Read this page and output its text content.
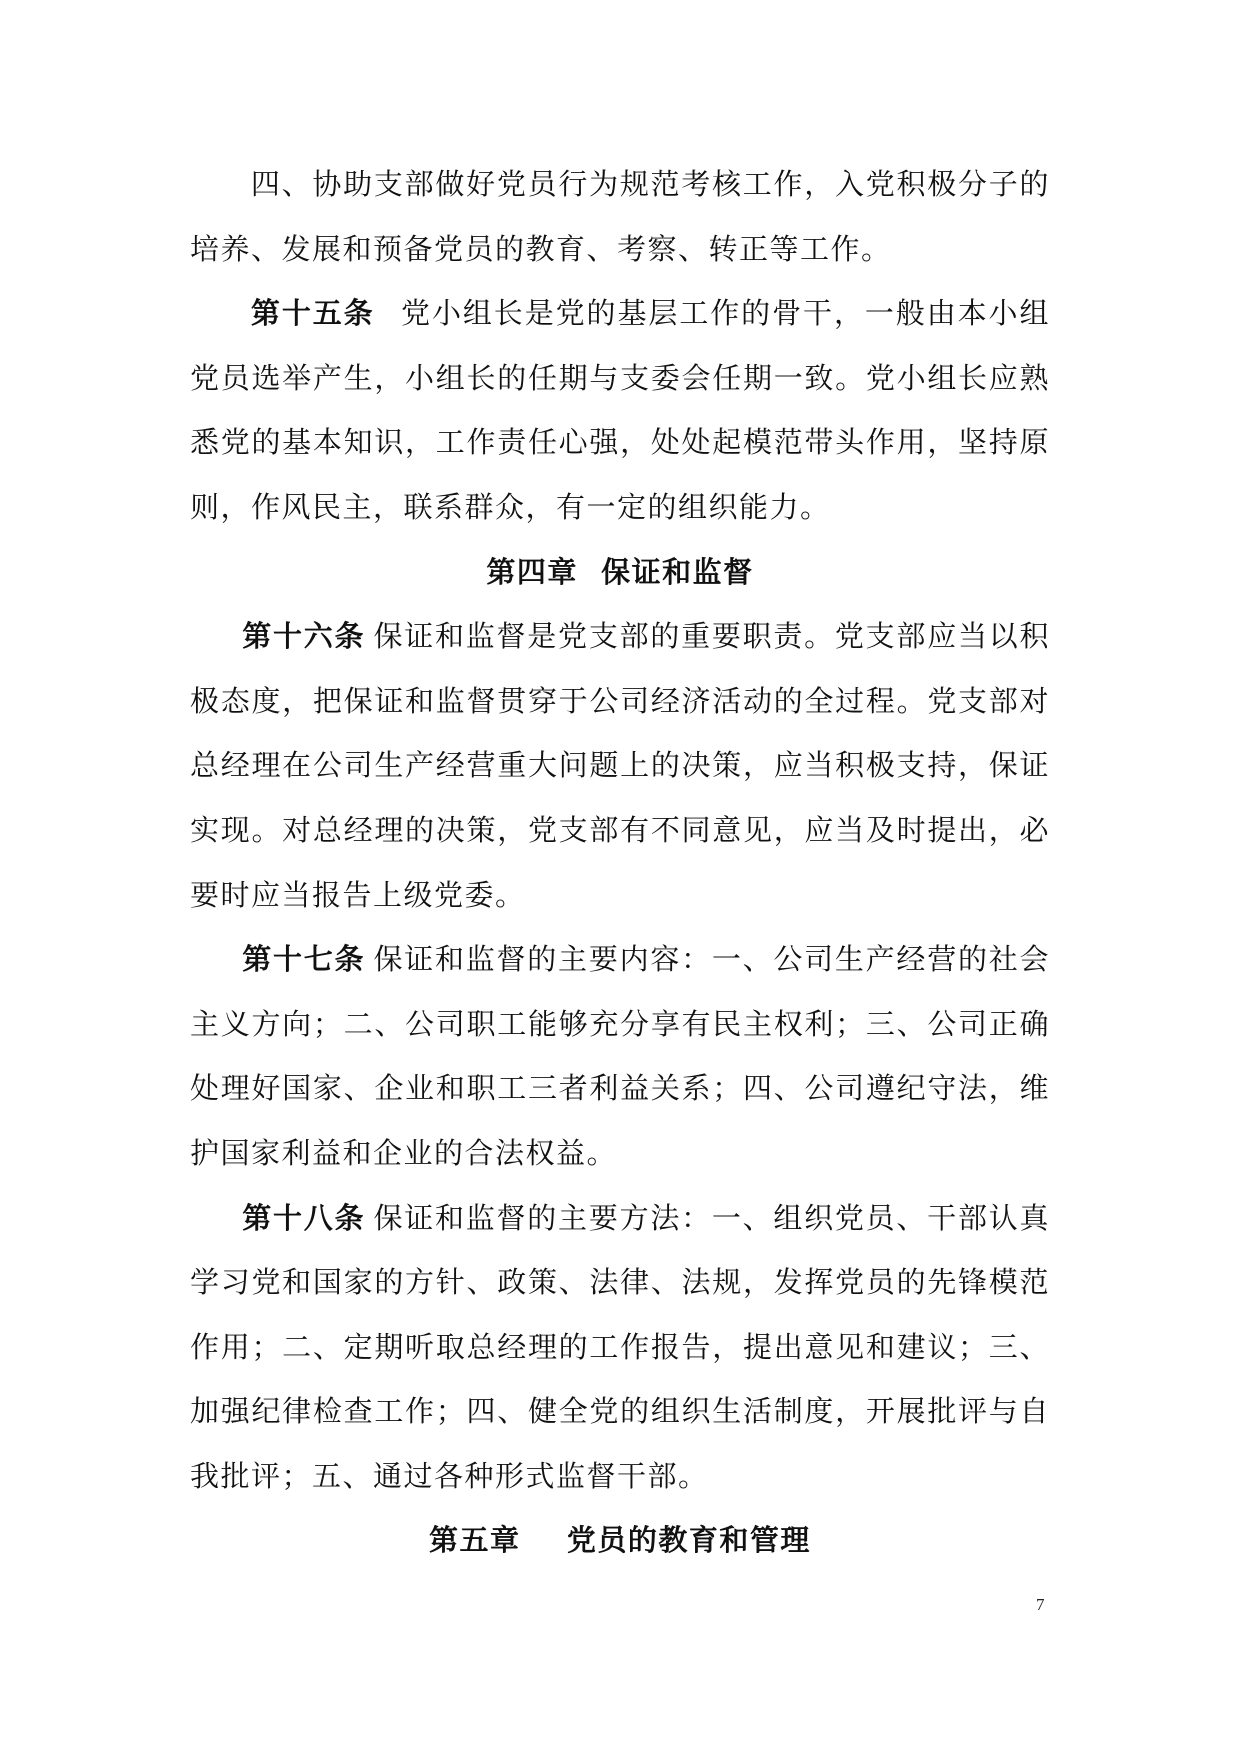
四、协助支部做好党员行为规范考核工作，入党积极分子的培养、发展和预备党员的教育、考察、转正等工作。

第十五条 党小组长是党的基层工作的骨干，一般由本小组党员选举产生，小组长的任期与支委会任期一致。党小组长应熟悉党的基本知识，工作责任心强，处处起模范带头作用，坚持原则，作风民主，联系群众，有一定的组织能力。

第四章  保证和监督

第十六条 保证和监督是党支部的重要职责。党支部应当以积极态度，把保证和监督贯穿于公司经济活动的全过程。党支部对总经理在公司生产经营重大问题上的决策，应当积极支持，保证实现。对总经理的决策，党支部有不同意见，应当及时提出，必要时应当报告上级党委。

第十七条 保证和监督的主要内容：一、公司生产经营的社会主义方向；二、公司职工能够充分享有民主权利；三、公司正确处理好国家、企业和职工三者利益关系；四、公司遵纪守法，维护国家利益和企业的合法权益。

第十八条 保证和监督的主要方法：一、组织党员、干部认真学习党和国家的方针、政策、法律、法规，发挥党员的先锋模范作用；二、定期听取总经理的工作报告，提出意见和建议；三、加强纪律检查工作；四、健全党的组织生活制度，开展批评与自我批评；五、通过各种形式监督干部。

第五章    党员的教育和管理

7
